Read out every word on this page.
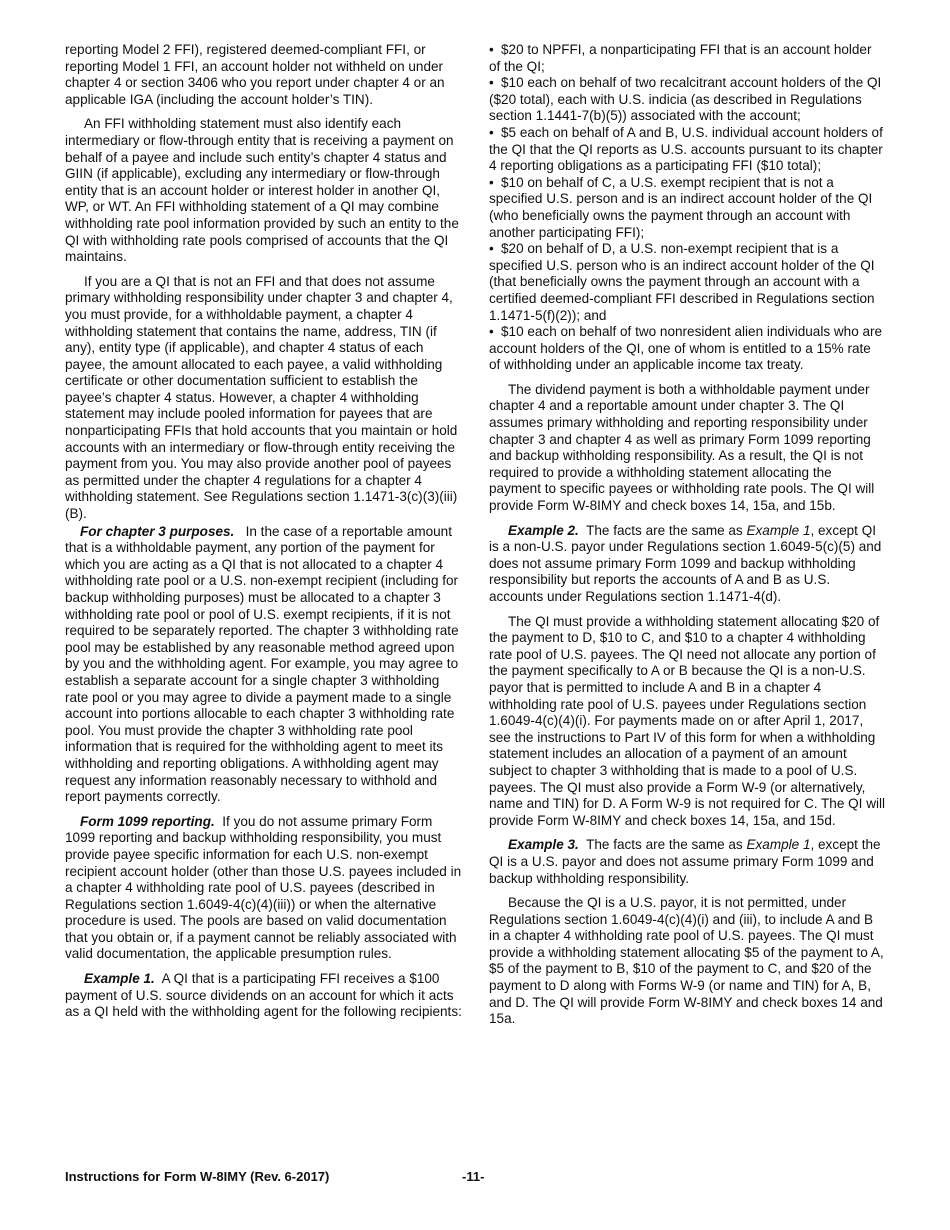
reporting Model 2 FFI), registered deemed-compliant FFI, or reporting Model 1 FFI, an account holder not withheld on under chapter 4 or section 3406 who you report under chapter 4 or an applicable IGA (including the account holder’s TIN).

An FFI withholding statement must also identify each intermediary or flow-through entity that is receiving a payment on behalf of a payee and include such entity’s chapter 4 status and GIIN (if applicable), excluding any intermediary or flow-through entity that is an account holder or interest holder in another QI, WP, or WT. An FFI withholding statement of a QI may combine withholding rate pool information provided by such an entity to the QI with withholding rate pools comprised of accounts that the QI maintains.

If you are a QI that is not an FFI and that does not assume primary withholding responsibility under chapter 3 and chapter 4, you must provide, for a withholdable payment, a chapter 4 withholding statement that contains the name, address, TIN (if any), entity type (if applicable), and chapter 4 status of each payee, the amount allocated to each payee, a valid withholding certificate or other documentation sufficient to establish the payee’s chapter 4 status. However, a chapter 4 withholding statement may include pooled information for payees that are nonparticipating FFIs that hold accounts that you maintain or hold accounts with an intermediary or flow-through entity receiving the payment from you. You may also provide another pool of payees as permitted under the chapter 4 regulations for a chapter 4 withholding statement. See Regulations section 1.1471-3(c)(3)(iii)(B).

For chapter 3 purposes. In the case of a reportable amount that is a withholdable payment, any portion of the payment for which you are acting as a QI that is not allocated to a chapter 4 withholding rate pool or a U.S. non-exempt recipient (including for backup withholding purposes) must be allocated to a chapter 3 withholding rate pool or pool of U.S. exempt recipients, if it is not required to be separately reported. The chapter 3 withholding rate pool may be established by any reasonable method agreed upon by you and the withholding agent. For example, you may agree to establish a separate account for a single chapter 3 withholding rate pool or you may agree to divide a payment made to a single account into portions allocable to each chapter 3 withholding rate pool. You must provide the chapter 3 withholding rate pool information that is required for the withholding agent to meet its withholding and reporting obligations. A withholding agent may request any information reasonably necessary to withhold and report payments correctly.

Form 1099 reporting. If you do not assume primary Form 1099 reporting and backup withholding responsibility, you must provide payee specific information for each U.S. non-exempt recipient account holder (other than those U.S. payees included in a chapter 4 withholding rate pool of U.S. payees (described in Regulations section 1.6049-4(c)(4)(iii)) or when the alternative procedure is used. The pools are based on valid documentation that you obtain or, if a payment cannot be reliably associated with valid documentation, the applicable presumption rules.

Example 1. A QI that is a participating FFI receives a $100 payment of U.S. source dividends on an account for which it acts as a QI held with the withholding agent for the following recipients:

• $20 to NPFFI, a nonparticipating FFI that is an account holder of the QI;
• $10 each on behalf of two recalcitrant account holders of the QI ($20 total), each with U.S. indicia (as described in Regulations section 1.1441-7(b)(5)) associated with the account;
• $5 each on behalf of A and B, U.S. individual account holders of the QI that the QI reports as U.S. accounts pursuant to its chapter 4 reporting obligations as a participating FFI ($10 total);
• $10 on behalf of C, a U.S. exempt recipient that is not a specified U.S. person and is an indirect account holder of the QI (who beneficially owns the payment through an account with another participating FFI);
• $20 on behalf of D, a U.S. non-exempt recipient that is a specified U.S. person who is an indirect account holder of the QI (that beneficially owns the payment through an account with a certified deemed-compliant FFI described in Regulations section 1.1471-5(f)(2)); and
• $10 each on behalf of two nonresident alien individuals who are account holders of the QI, one of whom is entitled to a 15% rate of withholding under an applicable income tax treaty.

The dividend payment is both a withholdable payment under chapter 4 and a reportable amount under chapter 3. The QI assumes primary withholding and reporting responsibility under chapter 3 and chapter 4 as well as primary Form 1099 reporting and backup withholding responsibility. As a result, the QI is not required to provide a withholding statement allocating the payment to specific payees or withholding rate pools. The QI will provide Form W-8IMY and check boxes 14, 15a, and 15b.

Example 2. The facts are the same as Example 1, except QI is a non-U.S. payor under Regulations section 1.6049-5(c)(5) and does not assume primary Form 1099 and backup withholding responsibility but reports the accounts of A and B as U.S. accounts under Regulations section 1.1471-4(d).

The QI must provide a withholding statement allocating $20 of the payment to D, $10 to C, and $10 to a chapter 4 withholding rate pool of U.S. payees. The QI need not allocate any portion of the payment specifically to A or B because the QI is a non-U.S. payor that is permitted to include A and B in a chapter 4 withholding rate pool of U.S. payees under Regulations section 1.6049-4(c)(4)(i). For payments made on or after April 1, 2017, see the instructions to Part IV of this form for when a withholding statement includes an allocation of a payment of an amount subject to chapter 3 withholding that is made to a pool of U.S. payees. The QI must also provide a Form W-9 (or alternatively, name and TIN) for D. A Form W-9 is not required for C. The QI will provide Form W-8IMY and check boxes 14, 15a, and 15d.

Example 3. The facts are the same as Example 1, except the QI is a U.S. payor and does not assume primary Form 1099 and backup withholding responsibility.

Because the QI is a U.S. payor, it is not permitted, under Regulations section 1.6049-4(c)(4)(i) and (iii), to include A and B in a chapter 4 withholding rate pool of U.S. payees. The QI must provide a withholding statement allocating $5 of the payment to A, $5 of the payment to B, $10 of the payment to C, and $20 of the payment to D along with Forms W-9 (or name and TIN) for A, B, and D. The QI will provide Form W-8IMY and check boxes 14 and 15a.

Instructions for Form W-8IMY (Rev. 6-2017)	-11-
